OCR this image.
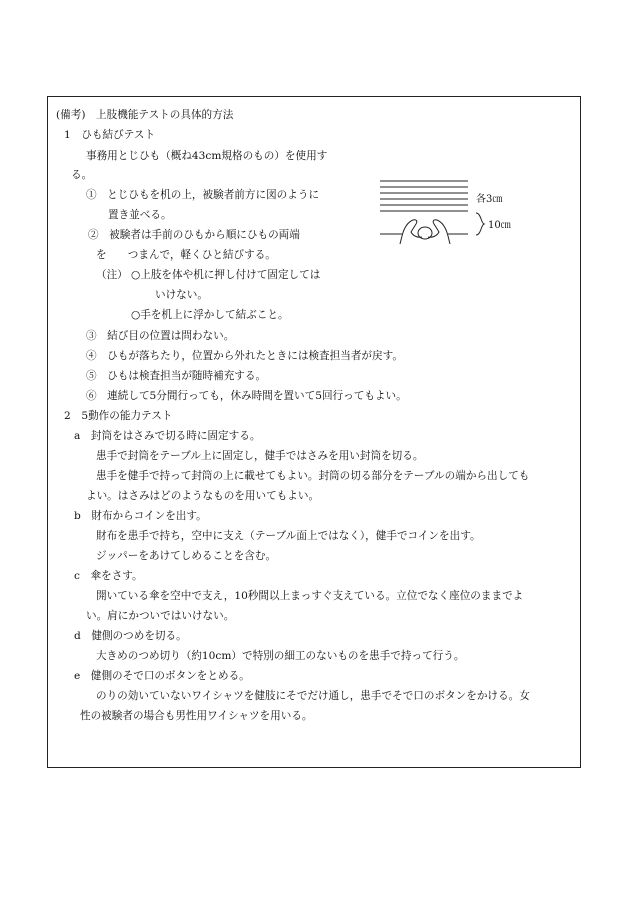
(備考)　上肢機能テストの具体的方法
1　ひも結びテスト
事務用とじひも（概ね43cm規格のもの）を使用す
る。
①　とじひもを机の上，被験者前方に図のように
置き並べる。
②　被験者は手前のひもから順にひもの両端
を　　つまんで，軽くひと結びする。
（注） ○上肢を体や机に押し付けて固定しては
いけない。
○手を机上に浮かして結ぶこと。
③　結び目の位置は問わない。
④　ひもが落ちたり，位置から外れたときには検査担当者が戻す。
⑤　ひもは検査担当が随時補充する。
⑥　連続して5分間行っても，休み時間を置いて5回行ってもよい。
各3㎝
10㎝
2　5動作の能力テスト
a　封筒をはさみで切る時に固定する。
患手で封筒をテーブル上に固定し，健手ではさみを用い封筒を切る。
患手を健手で持って封筒の上に載せてもよい。封筒の切る部分をテーブルの端から出しても
よい。はさみはどのようなものを用いてもよい。
b　財布からコインを出す。
財布を患手で持ち，空中に支え（テーブル面上ではなく），健手でコインを出す。
ジッパーをあけてしめることを含む。
c　傘をさす。
開いている傘を空中で支え，10秒間以上まっすぐ支えている。立位でなく座位のままでよ
い。肩にかついではいけない。
d　健側のつめを切る。
大きめのつめ切り（約10cm）で特別の細工のないものを患手で持って行う。
e　健側のそで口のボタンをとめる。
のりの効いていないワイシャツを健肢にそでだけ通し，患手でそで口のボタンをかける。女
性の被験者の場合も男性用ワイシャツを用いる。
